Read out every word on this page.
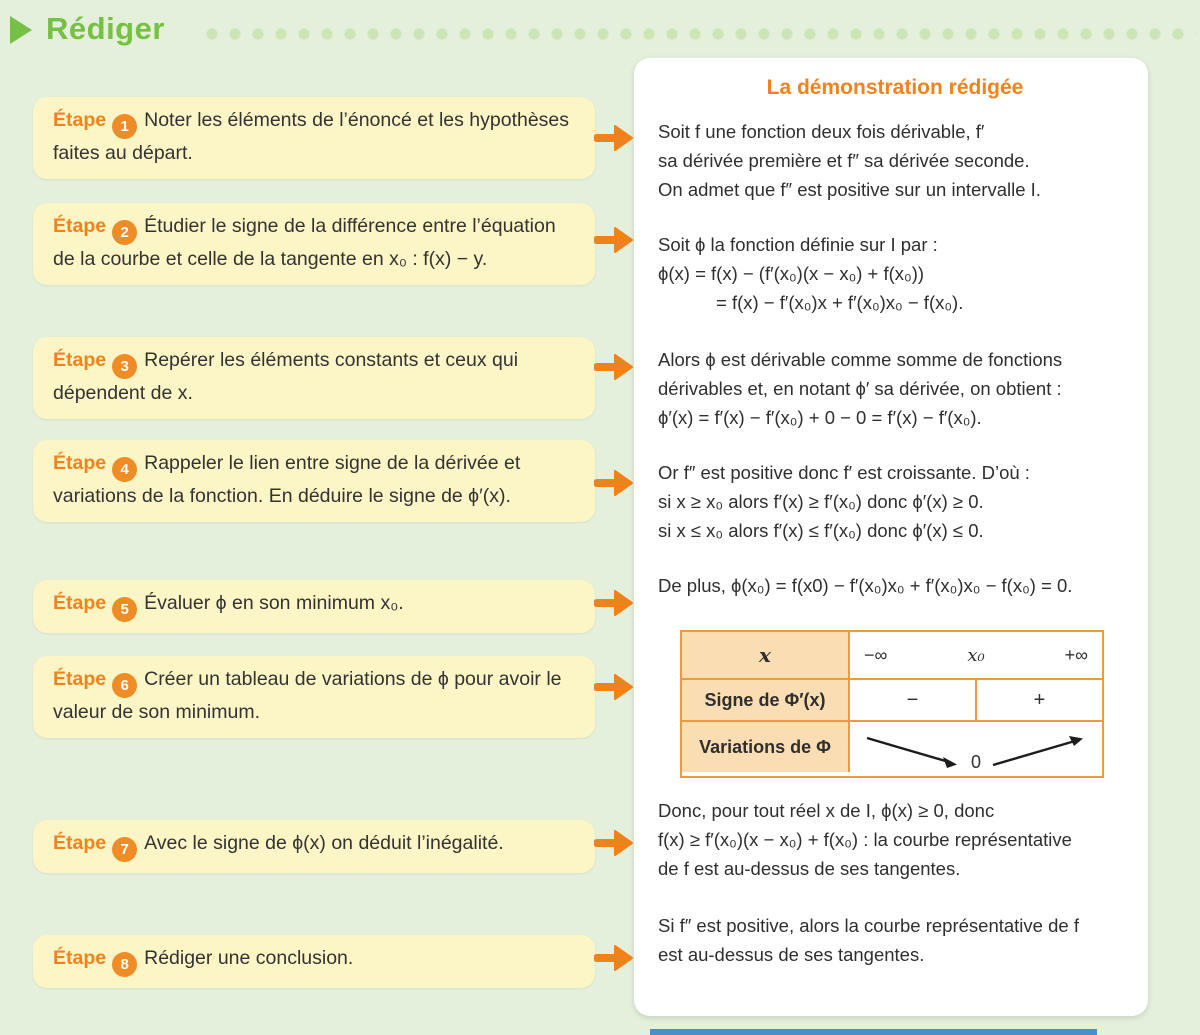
Rédiger
Étape 1 Noter les éléments de l’énoncé et les hypothèses faites au départ.
Étape 2 Étudier le signe de la différence entre l’équation de la courbe et celle de la tangente en x₀ : f(x) − y.
Étape 3 Repérer les éléments constants et ceux qui dépendent de x.
Étape 4 Rappeler le lien entre signe de la dérivée et variations de la fonction. En déduire le signe de ϕ′(x).
Étape 5 Évaluer ϕ en son minimum x₀.
Étape 6 Créer un tableau de variations de ϕ pour avoir le valeur de son minimum.
Étape 7 Avec le signe de ϕ(x) on déduit l’inégalité.
Étape 8 Rédiger une conclusion.
La démonstration rédigée
Soit f une fonction deux fois dérivable, f′
sa dérivée première et f″ sa dérivée seconde.
On admet que f″ est positive sur un intervalle I.
Soit ϕ la fonction définie sur I par :
ϕ(x) = f(x) − (f′(x₀)(x − x₀) + f(x₀))
= f(x) − f′(x₀)x + f′(x₀)x₀ − f(x₀).
Alors ϕ est dérivable comme somme de fonctions
dérivables et, en notant ϕ′ sa dérivée, on obtient :
ϕ′(x) = f′(x) − f′(x₀) + 0 − 0 = f′(x) − f′(x₀).
Or f″ est positive donc f′ est croissante. D’où :
si x ≥ x₀ alors f′(x) ≥ f′(x₀) donc ϕ′(x) ≥ 0.
si x ≤ x₀ alors f′(x) ≤ f′(x₀) donc ϕ′(x) ≤ 0.
De plus, ϕ(x₀) = f(x0) − f′(x₀)x₀ + f′(x₀)x₀ − f(x₀) = 0.
x	−∞	x₀	+∞
Signe de Φ′(x)	−	+
Variations de Φ
0
Donc, pour tout réel x de I, ϕ(x) ≥ 0, donc
f(x) ≥ f′(x₀)(x − x₀) + f(x₀) : la courbe représentative
de f est au-dessus de ses tangentes.
Si f″ est positive, alors la courbe représentative de f
est au-dessus de ses tangentes.
